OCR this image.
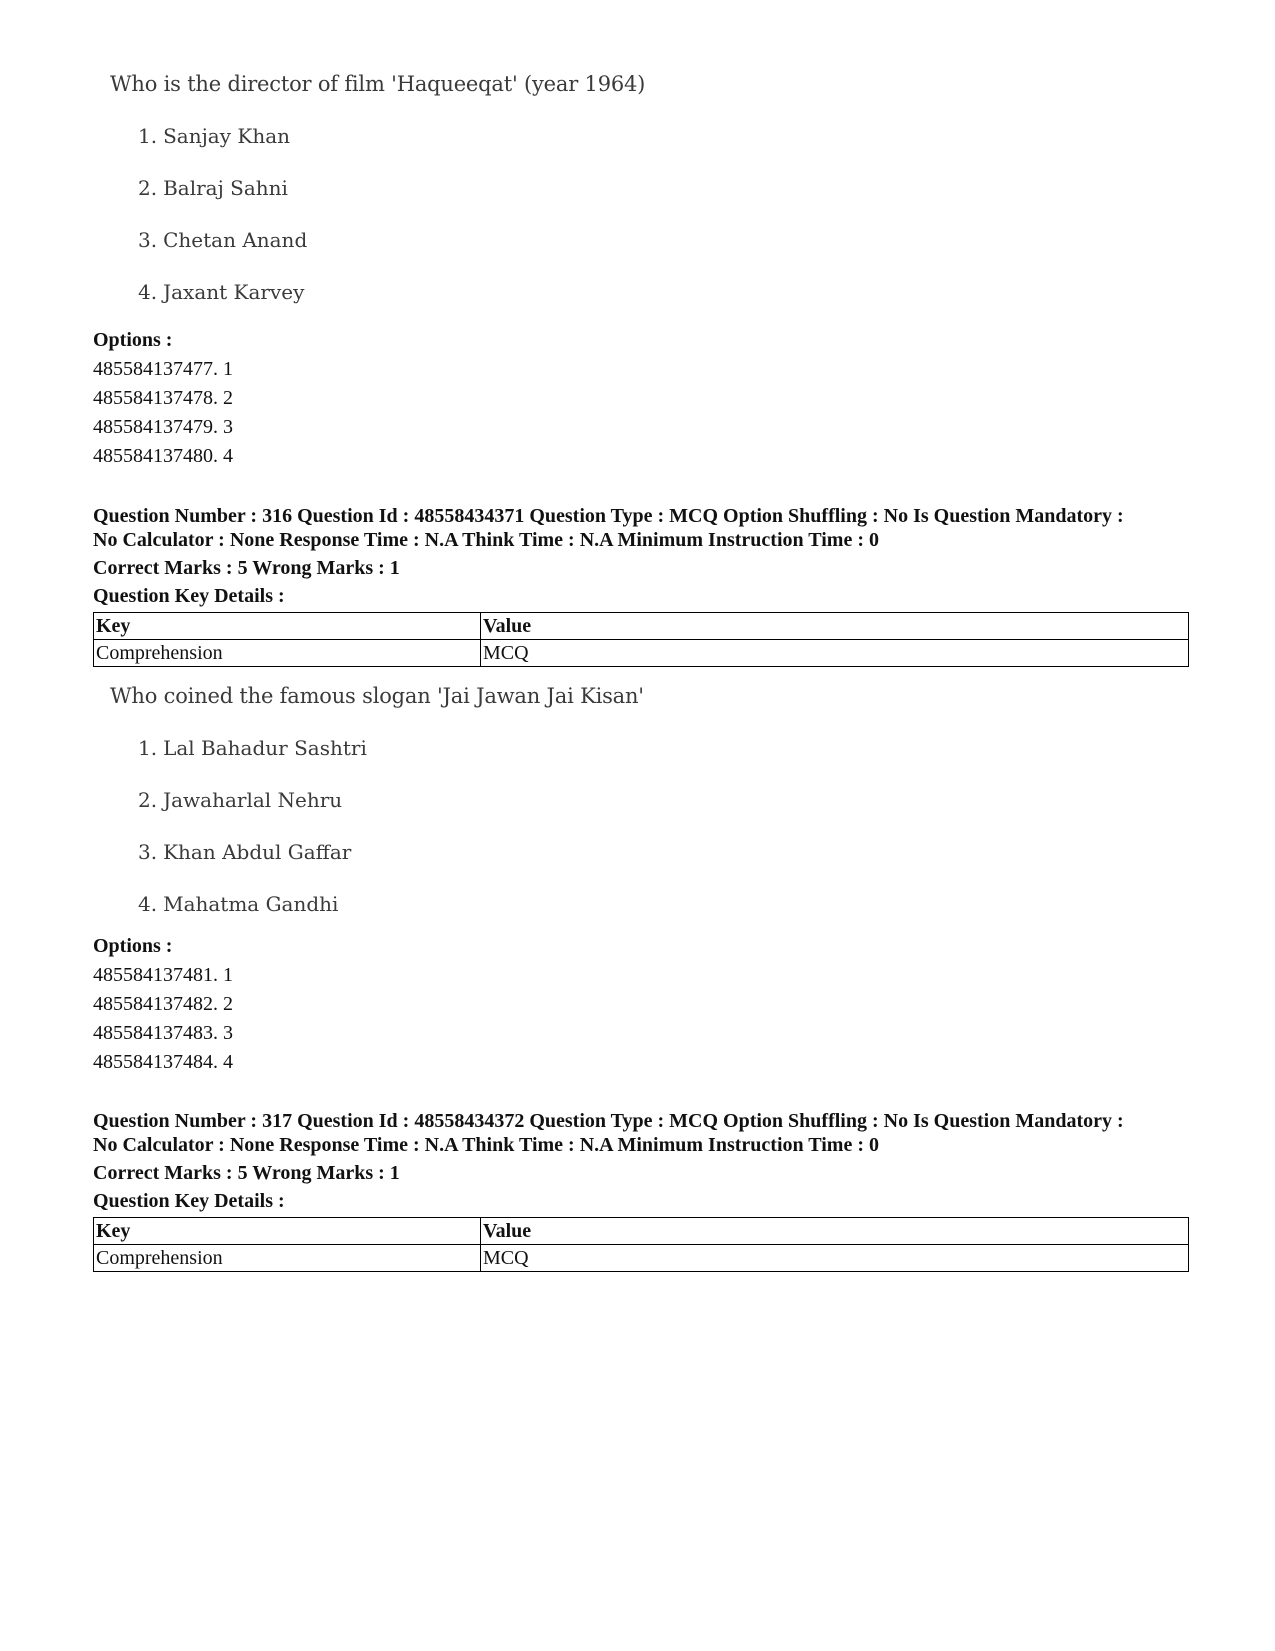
Who is the director of film 'Haqueeqat' (year 1964)
1. Sanjay Khan
2. Balraj Sahni
3. Chetan Anand
4. Jaxant Karvey
Options :
485584137477. 1
485584137478. 2
485584137479. 3
485584137480. 4
Question Number : 316 Question Id : 48558434371 Question Type : MCQ Option Shuffling : No Is Question Mandatory :
No Calculator : None Response Time : N.A Think Time : N.A Minimum Instruction Time : 0
Correct Marks : 5 Wrong Marks : 1
Question Key Details :
Key	Value
Comprehension	MCQ
Who coined the famous slogan 'Jai Jawan Jai Kisan'
1. Lal Bahadur Sashtri
2. Jawaharlal Nehru
3. Khan Abdul Gaffar
4. Mahatma Gandhi
Options :
485584137481. 1
485584137482. 2
485584137483. 3
485584137484. 4
Question Number : 317 Question Id : 48558434372 Question Type : MCQ Option Shuffling : No Is Question Mandatory :
No Calculator : None Response Time : N.A Think Time : N.A Minimum Instruction Time : 0
Correct Marks : 5 Wrong Marks : 1
Question Key Details :
Key	Value
Comprehension	MCQ
